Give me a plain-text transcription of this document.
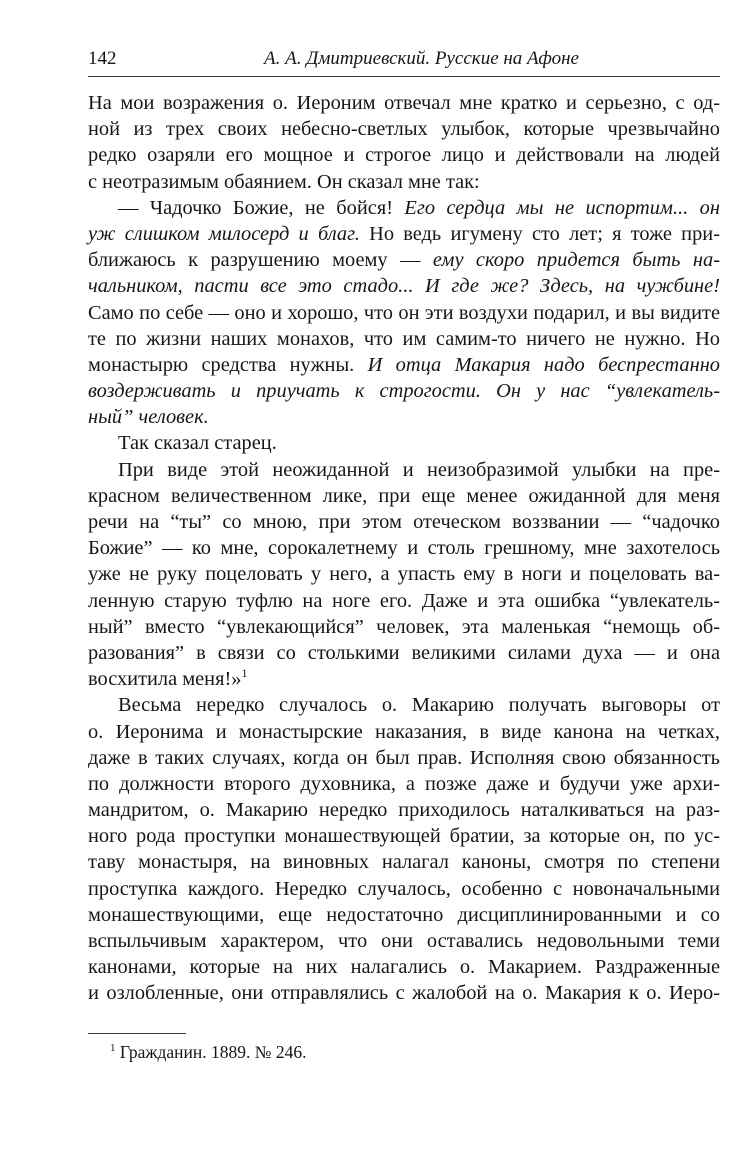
142	А. А. Дмитриевский. Русские на Афоне
На мои возражения о. Иероним отвечал мне кратко и серьезно, с од-
ной из трех своих небесно-светлых улыбок, которые чрезвычайно
редко озаряли его мощное и строгое лицо и действовали на людей
с неотразимым обаянием. Он сказал мне так:
— Чадочко Божие, не бойся! Его сердца мы не испортим... он
уж слишком милосерд и благ. Но ведь игумену сто лет; я тоже при-
ближаюсь к разрушению моему — ему скоро придется быть на-
чальником, пасти все это стадо... И где же? Здесь, на чужбине!
Само по себе — оно и хорошо, что он эти воздухи подарил, и вы видите
те по жизни наших монахов, что им самим-то ничего не нужно. Но
монастырю средства нужны. И отца Макария надо беспрестанно
воздерживать и приучать к строгости. Он у нас “увлекатель-
ный” человек.
Так сказал старец.
При виде этой неожиданной и неизобразимой улыбки на пре-
красном величественном лике, при еще менее ожиданной для меня
речи на “ты” со мною, при этом отеческом воззвании — “чадочко
Божие” — ко мне, сорокалетнему и столь грешному, мне захотелось
уже не руку поцеловать у него, а упасть ему в ноги и поцеловать ва-
ленную старую туфлю на ноге его. Даже и эта ошибка “увлекатель-
ный” вместо “увлекающийся” человек, эта маленькая “немощь об-
разования” в связи со столькими великими силами духа — и она
восхитила меня!»$^1$
Весьма нередко случалось о. Макарию получать выговоры от
о. Иеронима и монастырские наказания, в виде канона на четках,
даже в таких случаях, когда он был прав. Исполняя свою обязанность
по должности второго духовника, а позже даже и будучи уже архи-
мандритом, о. Макарию нередко приходилось наталкиваться на раз-
ного рода проступки монашествующей братии, за которые он, по ус-
таву монастыря, на виновных налагал каноны, смотря по степени
проступка каждого. Нередко случалось, особенно с новоначальными
монашествующими, еще недостаточно дисциплинированными и со
вспыльчивым характером, что они оставались недовольными теми
канонами, которые на них налагались о. Макарием. Раздраженные
и озлобленные, они отправлялись с жалобой на о. Макария к о. Иеро-
$^1$ Гражданин. 1889. № 246.
